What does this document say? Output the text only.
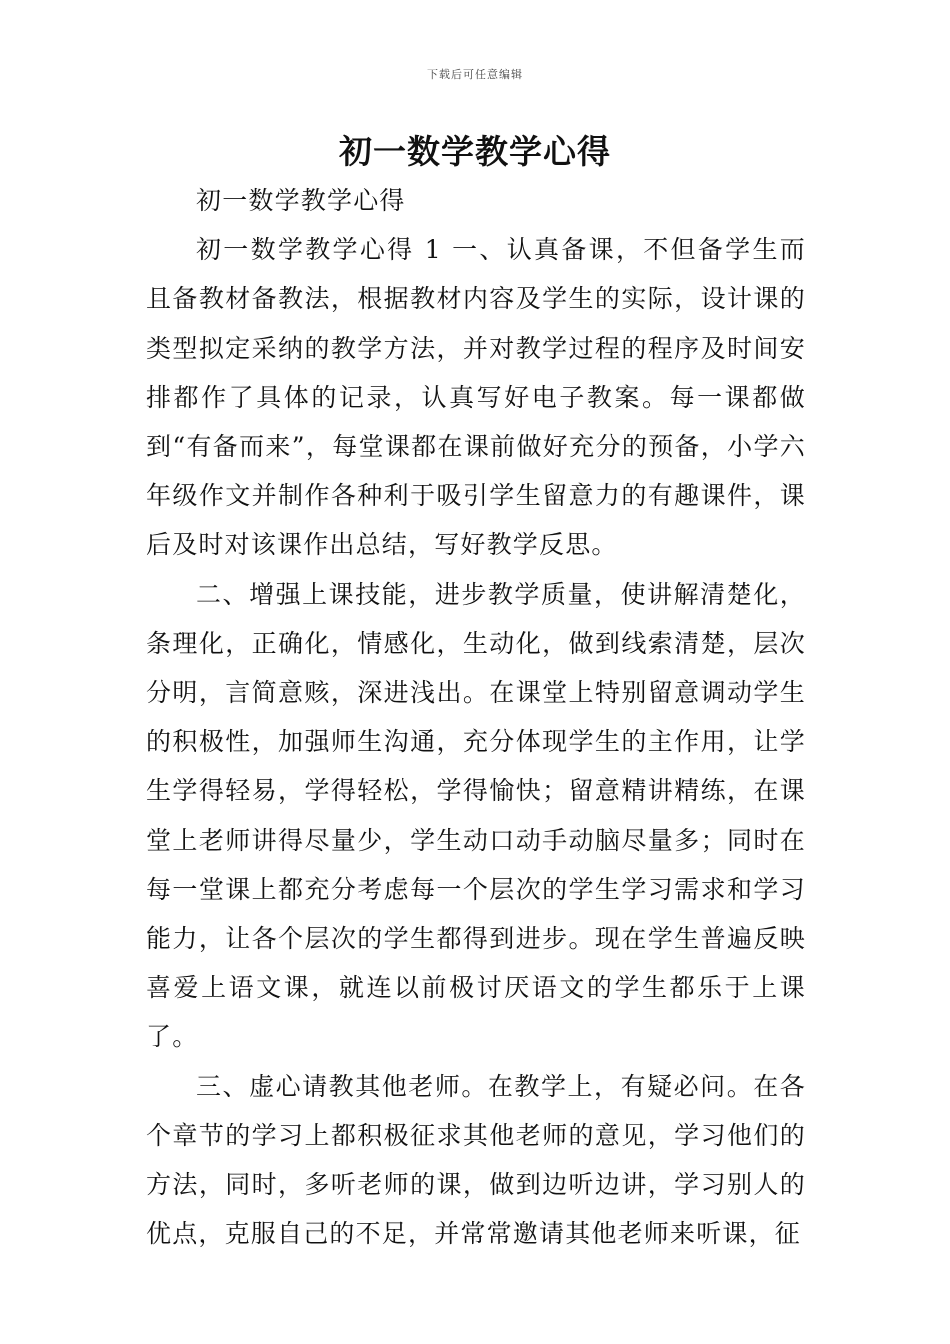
下载后可任意编辑
初一数学教学心得

初一数学教学心得

初一数学教学心得 1 一、认真备课，不但备学生而且备教材备教法，根据教材内容及学生的实际，设计课的类型拟定采纳的教学方法，并对教学过程的程序及时间安排都作了具体的记录，认真写好电子教案。每一课都做到“有备而来”，每堂课都在课前做好充分的预备，小学六年级作文并制作各种利于吸引学生留意力的有趣课件，课后及时对该课作出总结，写好教学反思。

二、增强上课技能，进步教学质量，使讲解清楚化，条理化，正确化，情感化，生动化，做到线索清楚，层次分明，言简意赅，深进浅出。在课堂上特别留意调动学生的积极性，加强师生沟通，充分体现学生的主作用，让学生学得轻易，学得轻松，学得愉快；留意精讲精练，在课堂上老师讲得尽量少，学生动口动手动脑尽量多；同时在每一堂课上都充分考虑每一个层次的学生学习需求和学习能力，让各个层次的学生都得到进步。现在学生普遍反映喜爱上语文课，就连以前极讨厌语文的学生都乐于上课了。

三、虚心请教其他老师。在教学上，有疑必问。在各个章节的学习上都积极征求其他老师的意见，学习他们的方法，同时，多听老师的课，做到边听边讲，学习别人的优点，克服自己的不足，并常常邀请其他老师来听课，征
